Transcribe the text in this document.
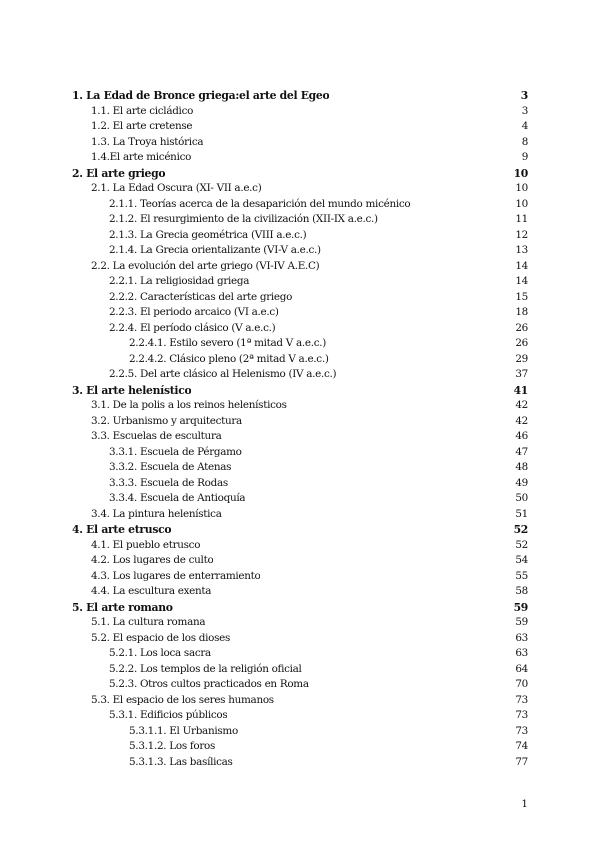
1. La Edad de Bronce griega:el arte del Egeo	3
1.1. El arte cicládico	3
1.2. El arte cretense	4
1.3. La Troya histórica	8
1.4.El arte micénico	9
2. El arte griego	10
2.1. La Edad Oscura (XI- VII a.e.c)	10
2.1.1. Teorías acerca de la desaparición del mundo micénico	10
2.1.2. El resurgimiento de la civilización (XII-IX a.e.c.)	11
2.1.3. La Grecia geométrica (VIII a.e.c.)	12
2.1.4. La Grecia orientalizante (VI-V a.e.c.)	13
2.2. La evolución del arte griego (VI-IV A.E.C)	14
2.2.1. La religiosidad griega	14
2.2.2. Características del arte griego	15
2.2.3. El periodo arcaico (VI a.e.c)	18
2.2.4. El período clásico (V a.e.c.)	26
2.2.4.1. Estilo severo (1ª mitad V a.e.c.)	26
2.2.4.2. Clásico pleno (2ª mitad V a.e.c.)	29
2.2.5. Del arte clásico al Helenismo (IV a.e.c.)	37
3. El arte helenístico	41
3.1. De la polis a los reinos helenísticos	42
3.2. Urbanismo y arquitectura	42
3.3. Escuelas de escultura	46
3.3.1. Escuela de Pérgamo	47
3.3.2. Escuela de Atenas	48
3.3.3. Escuela de Rodas	49
3.3.4. Escuela de Antioquía	50
3.4. La pintura helenística	51
4. El arte etrusco	52
4.1. El pueblo etrusco	52
4.2. Los lugares de culto	54
4.3. Los lugares de enterramiento	55
4.4. La escultura exenta	58
5. El arte romano	59
5.1. La cultura romana	59
5.2. El espacio de los dioses	63
5.2.1. Los loca sacra	63
5.2.2. Los templos de la religión oficial	64
5.2.3. Otros cultos practicados en Roma	70
5.3. El espacio de los seres humanos	73
5.3.1. Edificios públicos	73
5.3.1.1. El Urbanismo	73
5.3.1.2. Los foros	74
5.3.1.3. Las basílicas	77
1
